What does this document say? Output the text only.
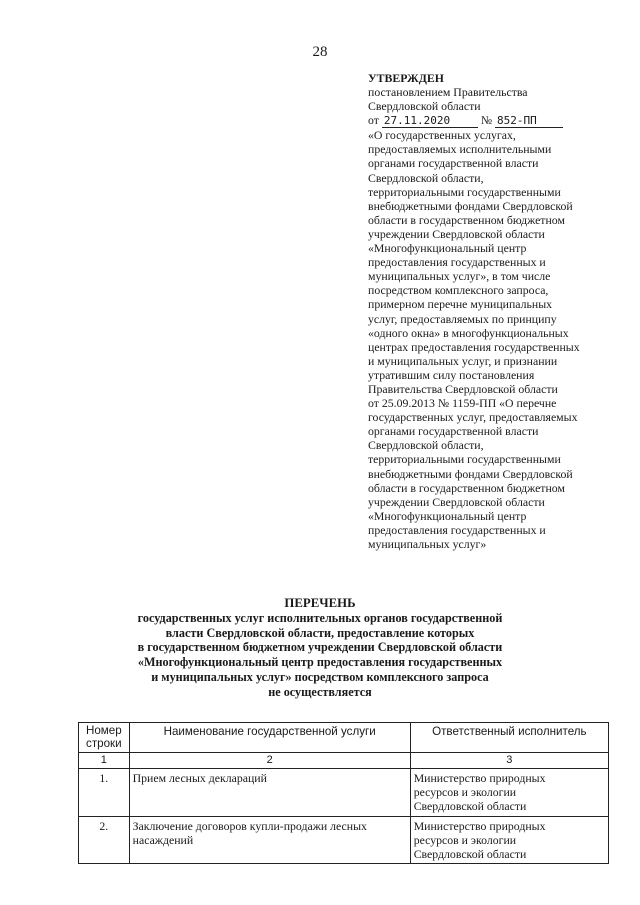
28
УТВЕРЖДЕН
постановлением Правительства
Свердловской области
от 27.11.2020	№ 852-ПП
«О государственных услугах,
предоставляемых исполнительными
органами государственной власти
Свердловской области,
территориальными государственными
внебюджетными фондами Свердловской
области в государственном бюджетном
учреждении Свердловской области
«Многофункциональный центр
предоставления государственных и
муниципальных услуг», в том числе
посредством комплексного запроса,
примерном перечне муниципальных
услуг, предоставляемых по принципу
«одного окна» в многофункциональных
центрах предоставления государственных
и муниципальных услуг, и признании
утратившим силу постановления
Правительства Свердловской области
от 25.09.2013 № 1159-ПП «О перечне
государственных услуг, предоставляемых
органами государственной власти
Свердловской области,
территориальными государственными
внебюджетными фондами Свердловской
области в государственном бюджетном
учреждении Свердловской области
«Многофункциональный центр
предоставления государственных и
муниципальных услуг»
ПЕРЕЧЕНЬ
государственных услуг исполнительных органов государственной
власти Свердловской области, предоставление которых
в государственном бюджетном учреждении Свердловской области
«Многофункциональный центр предоставления государственных
и муниципальных услуг» посредством комплексного запроса
не осуществляется
Номер
строки	Наименование государственной услуги	Ответственный исполнитель
1	2	3
1.	Прием лесных деклараций	Министерство природных
ресурсов и экологии
Свердловской области

2.	Заключение договоров купли-продажи лесных насаждений	Министерство природных
ресурсов и экологии
Свердловской области
